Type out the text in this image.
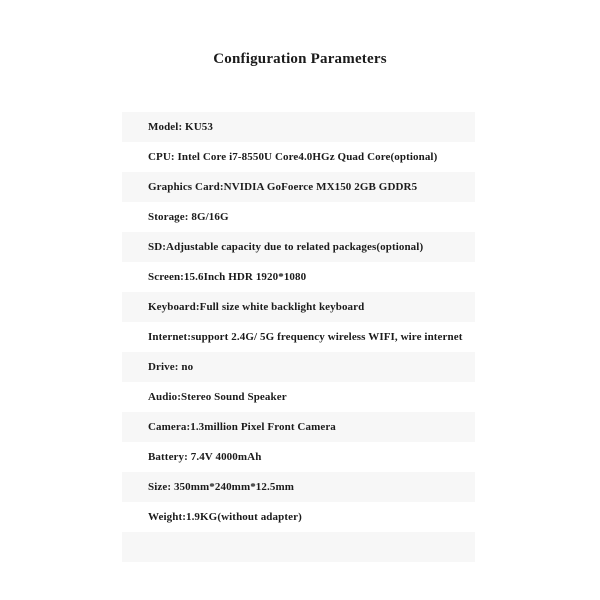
Configuration Parameters
Model: KU53
CPU: Intel Core i7-8550U Core4.0HGz Quad Core(optional)
Graphics Card:NVIDIA GoFoerce MX150 2GB GDDR5
Storage: 8G/16G
SD:Adjustable capacity due to related packages(optional)
Screen:15.6Inch HDR 1920*1080
Keyboard:Full size white backlight keyboard
Internet:support 2.4G/ 5G frequency wireless WIFI, wire internet
Drive: no
Audio:Stereo Sound Speaker
Camera:1.3million Pixel Front Camera
Battery: 7.4V 4000mAh
Size: 350mm*240mm*12.5mm
Weight:1.9KG(without adapter)
